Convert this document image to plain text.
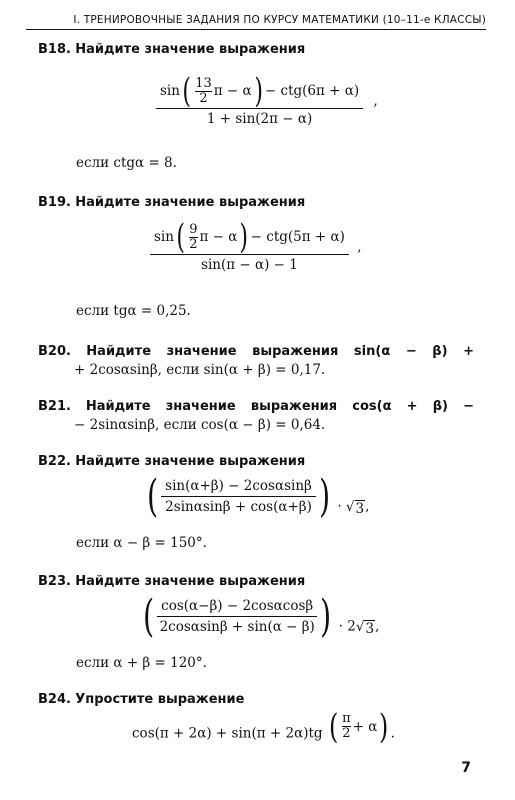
I. ТРЕНИРОВОЧНЫЕ ЗАДАНИЯ ПО КУРСУ МАТЕМАТИКИ (10–11-е КЛАССЫ)
B18. Найдите значение выражения
sin ( 13
2 π − α ) − ctg(6π + α)
1 + sin(2π − α)
,
если ctgα = 8.
B19. Найдите значение выражения
sin ( 9
2 π − α ) − ctg(5π + α)
sin(π − α) − 1
,
если tgα = 0,25.
B20. Найдите значение выражения sin(α − β) +
+ 2cosαsinβ, если sin(α + β) = 0,17.
B21. Найдите значение выражения cos(α + β) −
− 2sinαsinβ, если cos(α − β) = 0,64.
B22. Найдите значение выражения
( $\frac{\sin(\alpha+\beta) - 2\cos\alpha\sin\beta}{2\sin\alpha\sin\beta + \cos(\alpha+\beta)}$ ) · √ 3 ,
если α − β = 150°.
B23. Найдите значение выражения
( $\frac{\cos(\alpha-\beta) - 2\cos\alpha\cos\beta}{2\cos\alpha\sin\beta + \sin(\alpha - \beta)}$ ) · 2 √ 3 ,
если α + β = 120°.
B24. Упростите выражение
cos(π + 2α) + sin(π + 2α)tg ( π
2 + α ) .
7
